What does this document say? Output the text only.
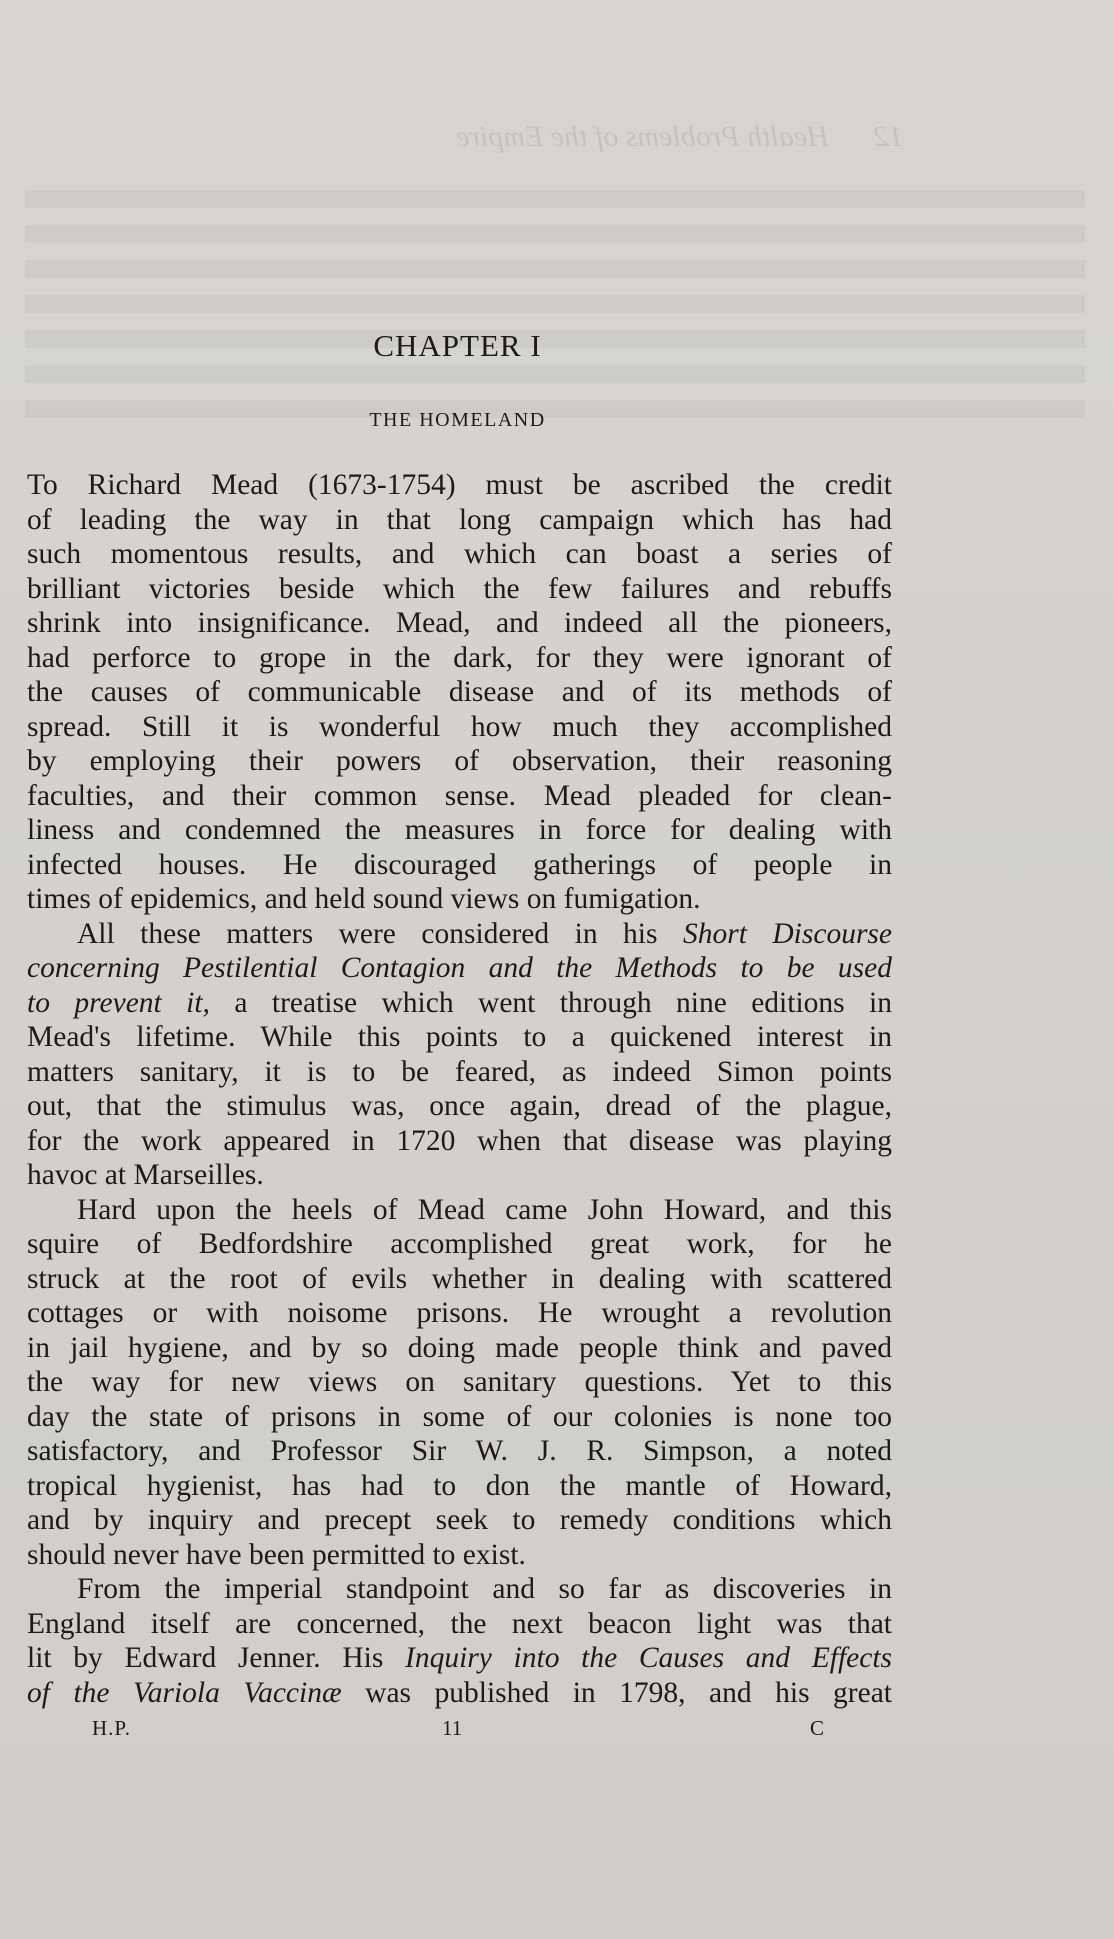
12      Health Problems of the Empire
CHAPTER I
THE HOMELAND

To Richard Mead (1673-1754) must be ascribed the credit

of leading the way in that long campaign which has had

such momentous results, and which can boast a series of

brilliant victories beside which the few failures and rebuffs

shrink into insignificance. Mead, and indeed all the pioneers,

had perforce to grope in the dark, for they were ignorant of

the causes of communicable disease and of its methods of

spread. Still it is wonderful how much they accomplished

by employing their powers of observation, their reasoning

faculties, and their common sense. Mead pleaded for clean-

liness and condemned the measures in force for dealing with

infected houses. He discouraged gatherings of people in

times of epidemics, and held sound views on fumigation.

All these matters were considered in his Short Discourse

concerning Pestilential Contagion and the Methods to be used

to prevent it, a treatise which went through nine editions in

Mead's lifetime. While this points to a quickened interest in

matters sanitary, it is to be feared, as indeed Simon points

out, that the stimulus was, once again, dread of the plague,

for the work appeared in 1720 when that disease was playing

havoc at Marseilles.

Hard upon the heels of Mead came John Howard, and this

squire of Bedfordshire accomplished great work, for he

struck at the root of evils whether in dealing with scattered

cottages or with noisome prisons. He wrought a revolution

in jail hygiene, and by so doing made people think and paved

the way for new views on sanitary questions. Yet to this

day the state of prisons in some of our colonies is none too

satisfactory, and Professor Sir W. J. R. Simpson, a noted

tropical hygienist, has had to don the mantle of Howard,

and by inquiry and precept seek to remedy conditions which

should never have been permitted to exist.

From the imperial standpoint and so far as discoveries in

England itself are concerned, the next beacon light was that

lit by Edward Jenner. His Inquiry into the Causes and Effects

of the Variola Vaccinæ was published in 1798, and his great

H.P.	11	C
